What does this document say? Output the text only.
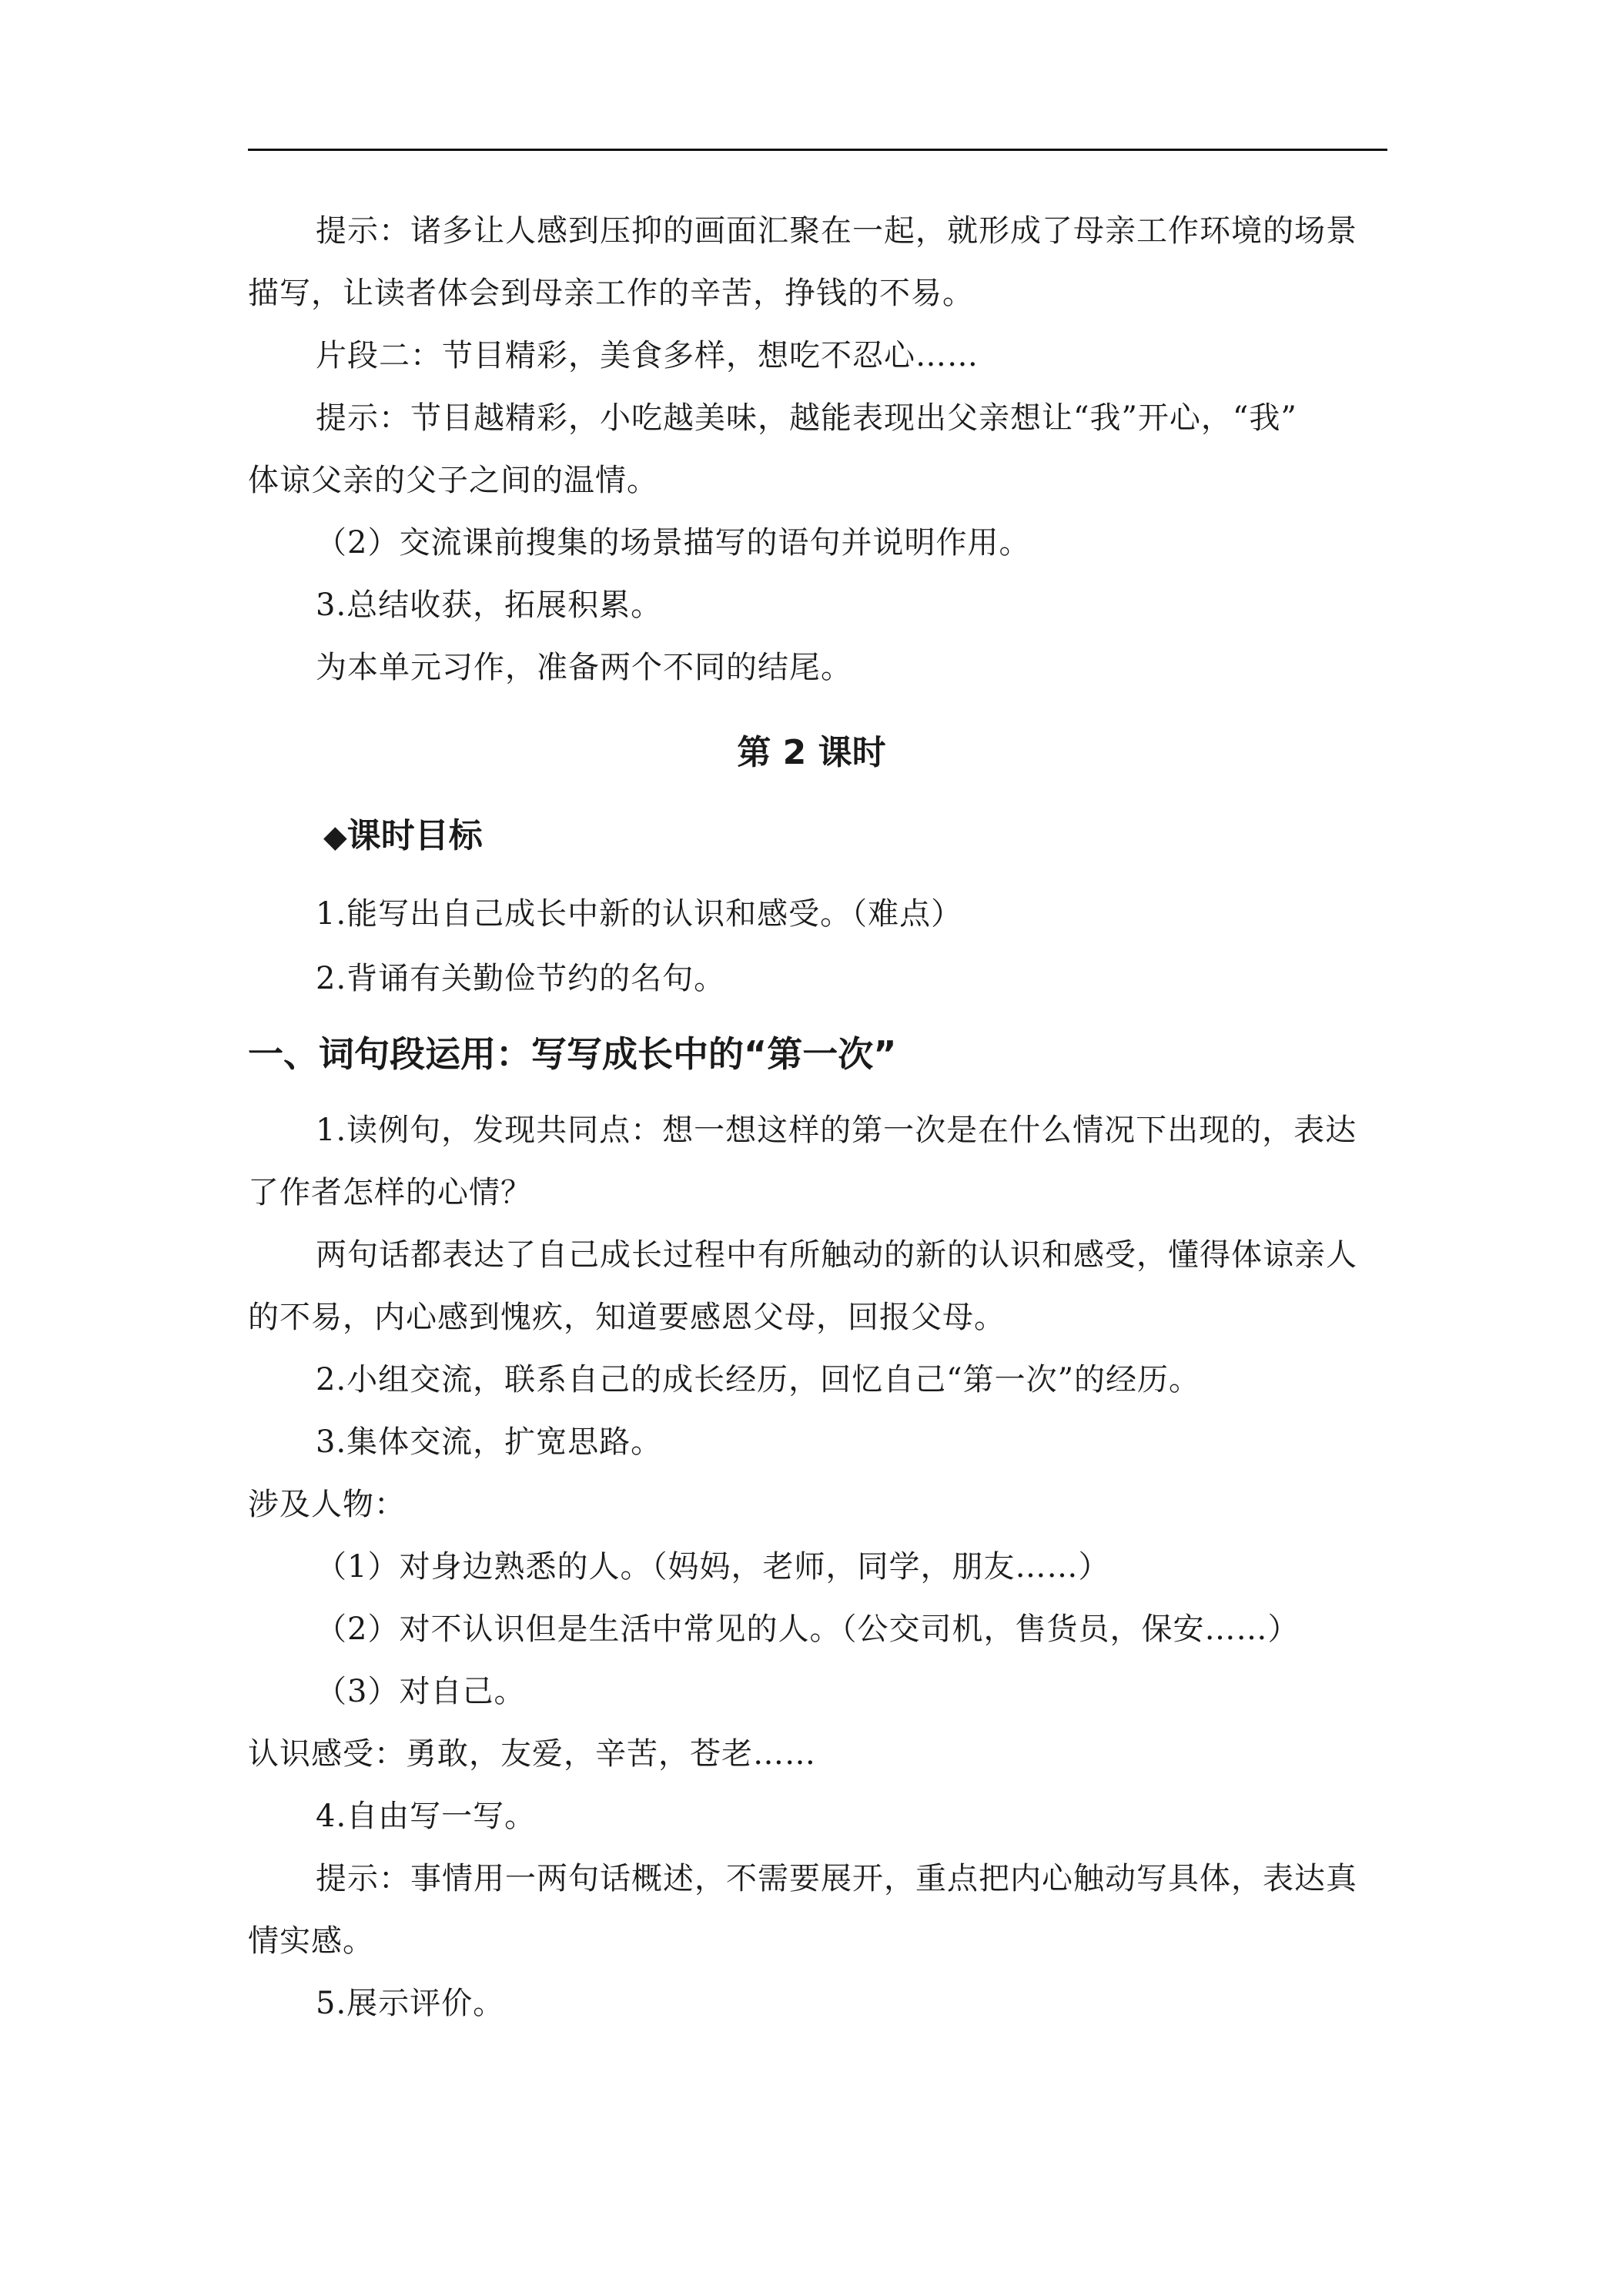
提示：诸多让人感到压抑的画面汇聚在一起，就形成了母亲工作环境的场景
描写，让读者体会到母亲工作的辛苦，挣钱的不易。
片段二：节目精彩，美食多样，想吃不忍心……
提示：节目越精彩，小吃越美味，越能表现出父亲想让“我”开心，“我”
体谅父亲的父子之间的温情。
（2）交流课前搜集的场景描写的语句并说明作用。
3.总结收获，拓展积累。
为本单元习作，准备两个不同的结尾。
第 2 课时
◆课时目标
1.能写出自己成长中新的认识和感受。（难点）
2.背诵有关勤俭节约的名句。
一、词句段运用：写写成长中的“第一次”
1.读例句，发现共同点：想一想这样的第一次是在什么情况下出现的，表达
了作者怎样的心情？
两句话都表达了自己成长过程中有所触动的新的认识和感受，懂得体谅亲人
的不易，内心感到愧疚，知道要感恩父母，回报父母。
2.小组交流，联系自己的成长经历，回忆自己“第一次”的经历。
3.集体交流，扩宽思路。
涉及人物：
（1）对身边熟悉的人。（妈妈，老师，同学，朋友……）
（2）对不认识但是生活中常见的人。（公交司机，售货员，保安……）
（3）对自己。
认识感受：勇敢，友爱，辛苦，苍老……
4.自由写一写。
提示：事情用一两句话概述，不需要展开，重点把内心触动写具体，表达真
情实感。
5.展示评价。
